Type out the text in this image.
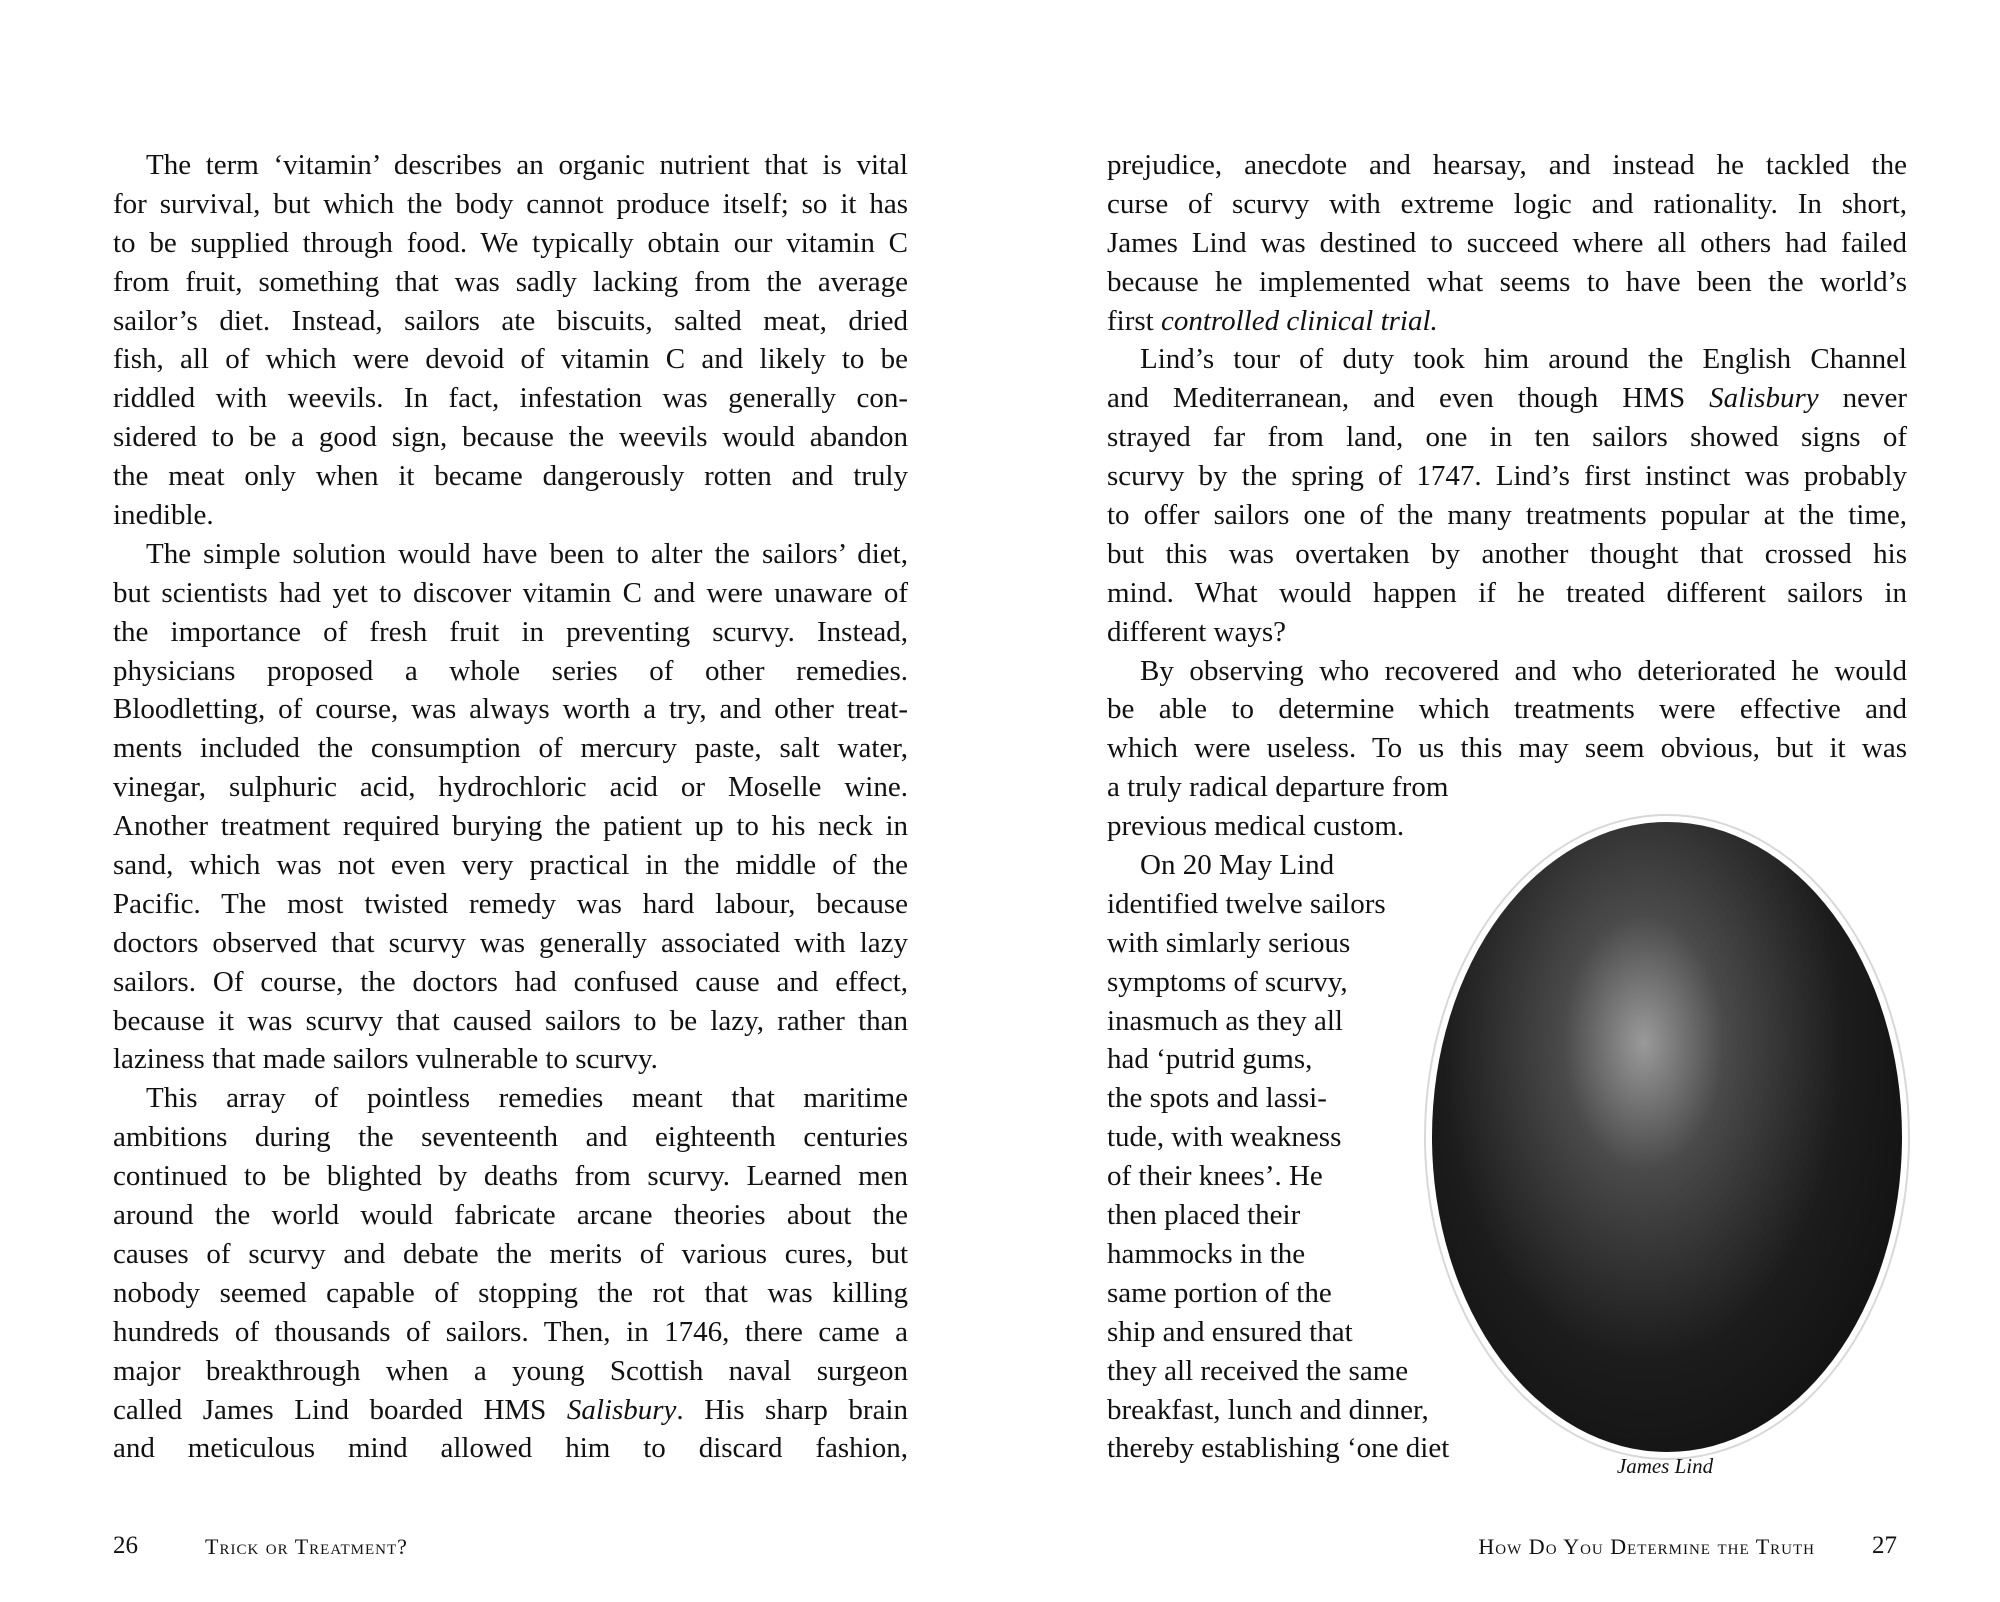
The term ‘vitamin’ describes an organic nutrient that is vital
for survival, but which the body cannot produce itself; so it has
to be supplied through food. We typically obtain our vitamin C
from fruit, something that was sadly lacking from the average
sailor’s diet. Instead, sailors ate biscuits, salted meat, dried
fish, all of which were devoid of vitamin C and likely to be
riddled with weevils. In fact, infestation was generally con-
sidered to be a good sign, because the weevils would abandon
the meat only when it became dangerously rotten and truly
inedible.
The simple solution would have been to alter the sailors’ diet,
but scientists had yet to discover vitamin C and were unaware of
the importance of fresh fruit in preventing scurvy. Instead,
physicians proposed a whole series of other remedies.
Bloodletting, of course, was always worth a try, and other treat-
ments included the consumption of mercury paste, salt water,
vinegar, sulphuric acid, hydrochloric acid or Moselle wine.
Another treatment required burying the patient up to his neck in
sand, which was not even very practical in the middle of the
Pacific. The most twisted remedy was hard labour, because
doctors observed that scurvy was generally associated with lazy
sailors. Of course, the doctors had confused cause and effect,
because it was scurvy that caused sailors to be lazy, rather than
laziness that made sailors vulnerable to scurvy.
This array of pointless remedies meant that maritime
ambitions during the seventeenth and eighteenth centuries
continued to be blighted by deaths from scurvy. Learned men
around the world would fabricate arcane theories about the
causes of scurvy and debate the merits of various cures, but
nobody seemed capable of stopping the rot that was killing
hundreds of thousands of sailors. Then, in 1746, there came a
major breakthrough when a young Scottish naval surgeon
called James Lind boarded HMS Salisbury. His sharp brain
and meticulous mind allowed him to discard fashion,
prejudice, anecdote and hearsay, and instead he tackled the
curse of scurvy with extreme logic and rationality. In short,
James Lind was destined to succeed where all others had failed
because he implemented what seems to have been the world’s
first controlled clinical trial.
Lind’s tour of duty took him around the English Channel
and Mediterranean, and even though HMS Salisbury never
strayed far from land, one in ten sailors showed signs of
scurvy by the spring of 1747. Lind’s first instinct was probably
to offer sailors one of the many treatments popular at the time,
but this was overtaken by another thought that crossed his
mind. What would happen if he treated different sailors in
different ways?
By observing who recovered and who deteriorated he would
be able to determine which treatments were effective and
which were useless. To us this may seem obvious, but it was
a truly radical departure from
previous medical custom.
On 20 May Lind
identified twelve sailors
with simlarly serious
symptoms of scurvy,
inasmuch as they all
had ‘putrid gums,
the spots and lassi-
tude, with weakness
of their knees’. He
then placed their
hammocks in the
same portion of the
ship and ensured that
they all received the same
breakfast, lunch and dinner,
thereby establishing ‘one diet
James Lind
26	Trick or Treatment?	How Do You Determine the Truth 27
